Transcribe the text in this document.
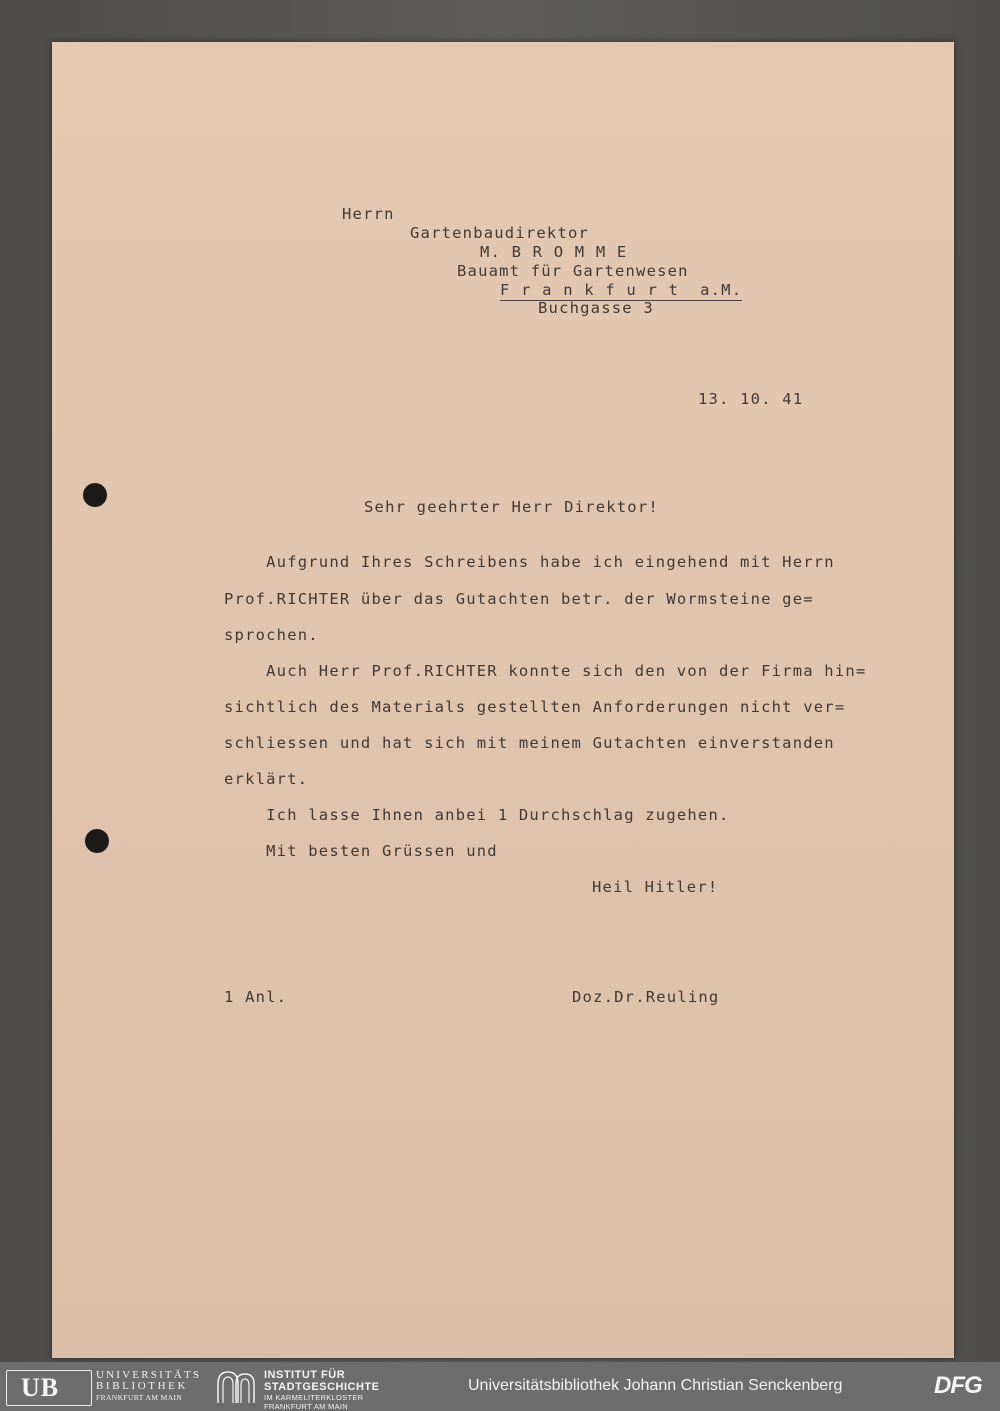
Herrn
Gartenbaudirektor
M. B R O M M E
Bauamt für Gartenwesen
F r a n k f u r t  a.M.
Buchgasse 3
13. 10. 41
Sehr geehrter Herr Direktor!
Aufgrund Ihres Schreibens habe ich eingehend mit Herrn
Prof.RICHTER über das Gutachten betr. der Wormsteine ge=
sprochen.
Auch Herr Prof.RICHTER konnte sich den von der Firma hin=
sichtlich des Materials gestellten Anforderungen nicht ver=
schliessen und hat sich mit meinem Gutachten einverstanden
erklärt.
Ich lasse Ihnen anbei 1 Durchschlag zugehen.
Mit besten Grüssen und
Heil Hitler!
1 Anl.	Doz.Dr.Reuling
UB	UNIVERSITÄTS
BIBLIOTHEK
FRANKFURT AM MAIN
INSTITUT FÜR
STADTGESCHICHTE
IM KARMELITERKLOSTER
FRANKFURT AM MAIN
Universitätsbibliothek Johann Christian Senckenberg	DFG
